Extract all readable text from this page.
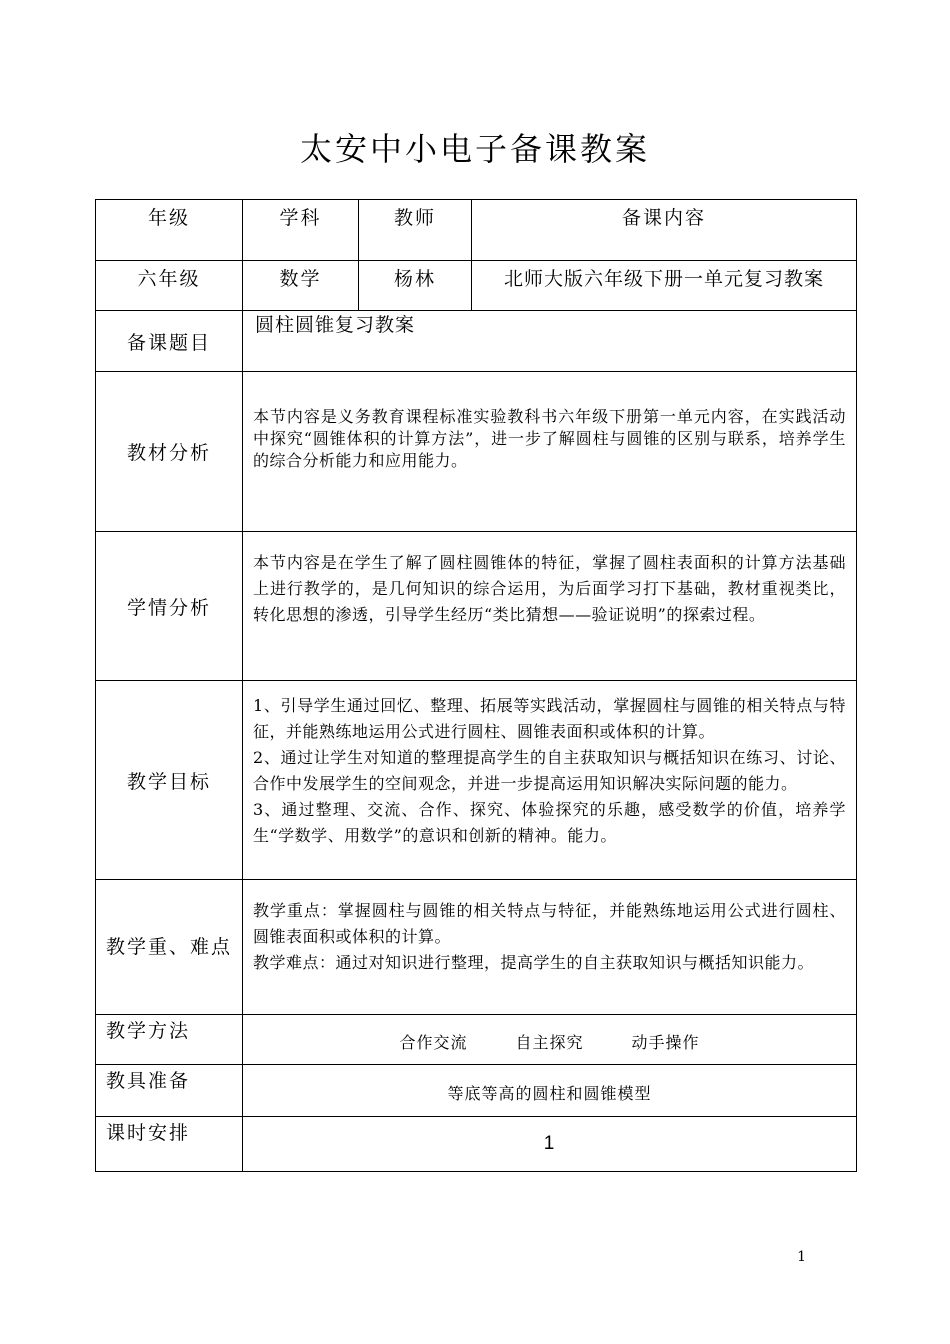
太安中小电子备课教案
年级	学科	教师	备课内容
六年级	数学	杨林	北师大版六年级下册一单元复习教案
备课题目	圆柱圆锥复习教案		
教材分析	本节内容是义务教育课程标准实验教科书六年级下册第一单元内容，在实践活动中探究“圆锥体积的计算方法”，进一步了解圆柱与圆锥的区别与联系，培养学生的综合分析能力和应用能力。		

学情分析	本节内容是在学生了解了圆柱圆锥体的特征，掌握了圆柱表面积的计算方法基础上进行教学的，是几何知识的综合运用，为后面学习打下基础，教材重视类比，转化思想的渗透，引导学生经历“类比猜想——验证说明”的探索过程。		

教学目标	1、引导学生通过回忆、整理、拓展等实践活动，掌握圆柱与圆锥的相关特点与特征，并能熟练地运用公式进行圆柱、圆锥表面积或体积的计算。
2、通过让学生对知道的整理提高学生的自主获取知识与概括知识在练习、讨论、合作中发展学生的空间观念，并进一步提高运用知识解决实际问题的能力。
3、通过整理、交流、合作、探究、体验探究的乐趣，感受数学的价值，培养学生“学数学、用数学”的意识和创新的精神。能力。		

教学重、难点	教学重点：掌握圆柱与圆锥的相关特点与特征，并能熟练地运用公式进行圆柱、圆锥表面积或体积的计算。
教学难点：通过对知识进行整理，提高学生的自主获取知识与概括知识能力。		

教学方法	合作交流 自主探究 动手操作		
教具准备	等底等高的圆柱和圆锥模型		
课时安排	1		
1
